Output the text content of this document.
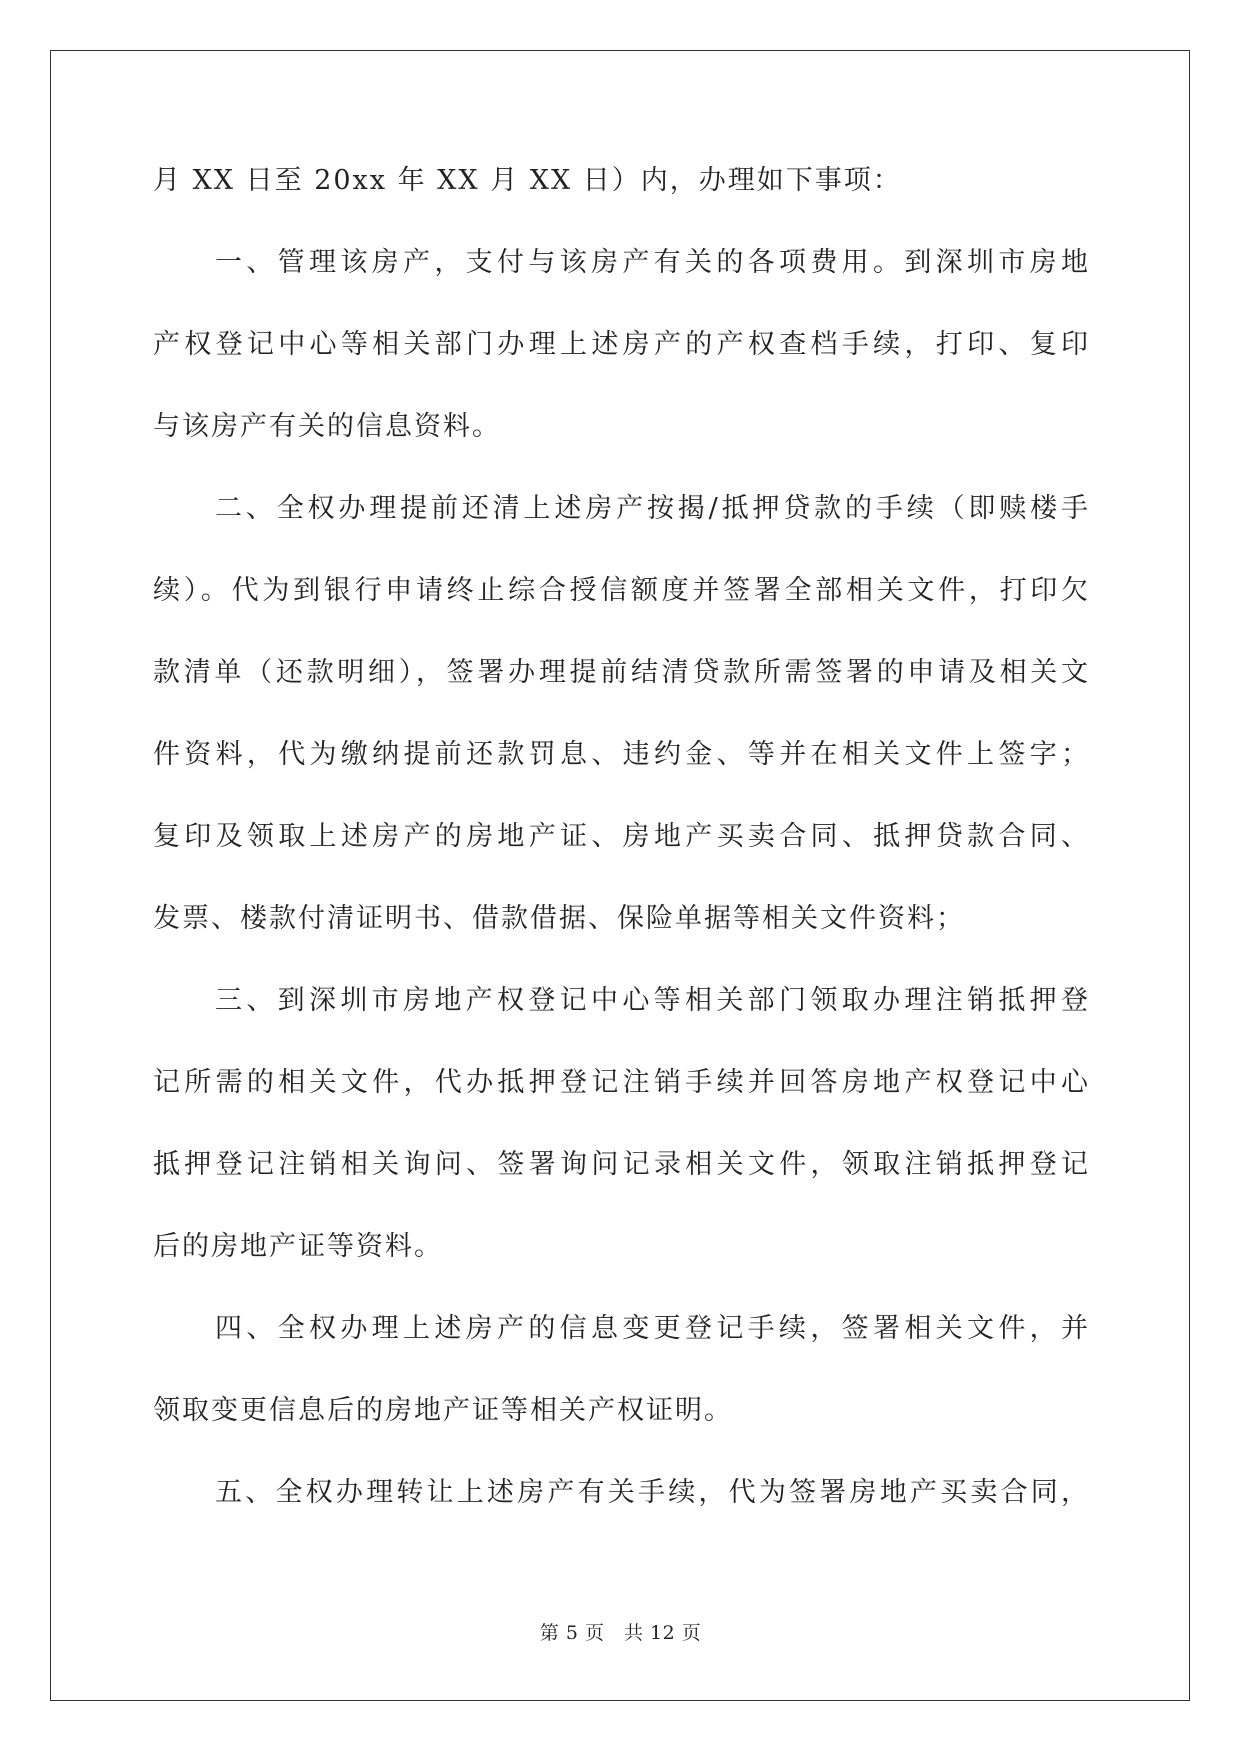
月 XX 日至 20xx 年 XX 月 XX 日）内，办理如下事项：
一、管理该房产，支付与该房产有关的各项费用。到深圳市房地
产权登记中心等相关部门办理上述房产的产权查档手续，打印、复印
与该房产有关的信息资料。
二、全权办理提前还清上述房产按揭/抵押贷款的手续（即赎楼手
续）。代为到银行申请终止综合授信额度并签署全部相关文件，打印欠
款清单（还款明细），签署办理提前结清贷款所需签署的申请及相关文
件资料，代为缴纳提前还款罚息、违约金、等并在相关文件上签字；
复印及领取上述房产的房地产证、房地产买卖合同、抵押贷款合同、
发票、楼款付清证明书、借款借据、保险单据等相关文件资料；
三、到深圳市房地产权登记中心等相关部门领取办理注销抵押登
记所需的相关文件，代办抵押登记注销手续并回答房地产权登记中心
抵押登记注销相关询问、签署询问记录相关文件，领取注销抵押登记
后的房地产证等资料。
四、全权办理上述房产的信息变更登记手续，签署相关文件，并
领取变更信息后的房地产证等相关产权证明。
五、全权办理转让上述房产有关手续，代为签署房地产买卖合同，
第 5 页　共 12 页
